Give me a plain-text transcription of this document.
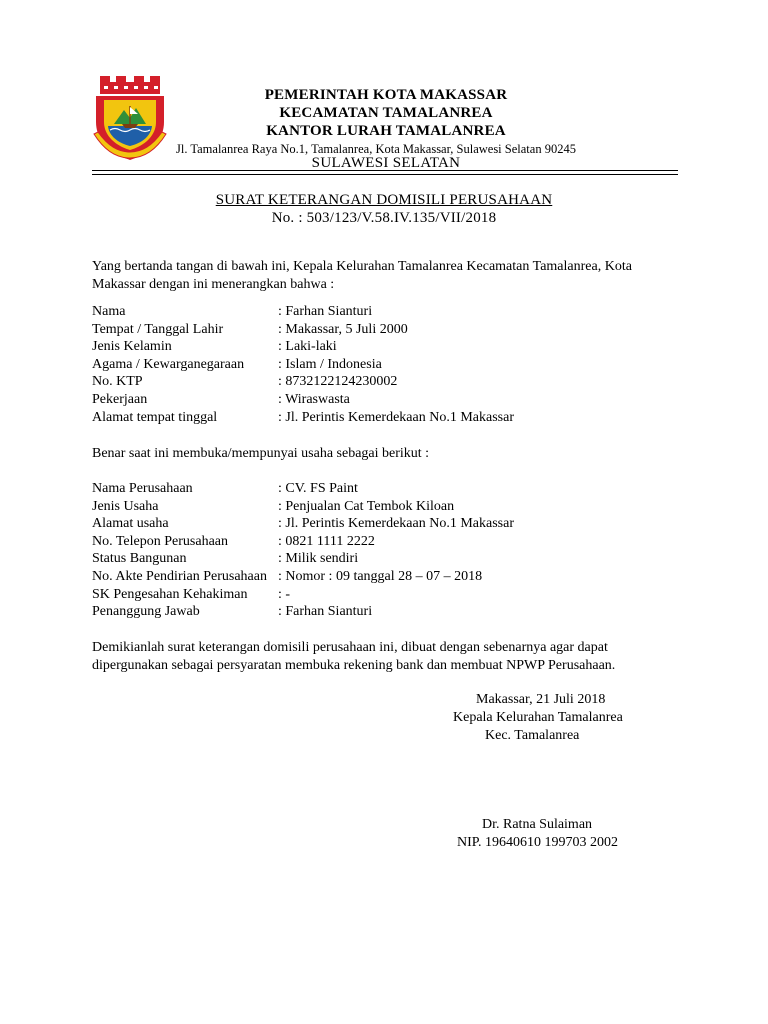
PEMERINTAH KOTA MAKASSAR
KECAMATAN TAMALANREA
KANTOR LURAH TAMALANREA
Jl. Tamalanrea Raya No.1, Tamalanrea, Kota Makassar, Sulawesi Selatan 90245
SULAWESI SELATAN
SURAT KETERANGAN DOMISILI PERUSAHAAN
No. : 503/123/V.58.IV.135/VII/2018
Yang bertanda tangan di bawah ini, Kepala Kelurahan Tamalanrea Kecamatan Tamalanrea, Kota Makassar dengan ini menerangkan bahwa :
Nama	: Farhan Sianturi
Tempat / Tanggal Lahir	: Makassar, 5 Juli 2000
Jenis Kelamin	: Laki-laki
Agama / Kewarganegaraan	: Islam / Indonesia
No. KTP	: 8732122124230002
Pekerjaan	: Wiraswasta
Alamat tempat tinggal	: Jl. Perintis Kemerdekaan No.1 Makassar
Benar saat ini membuka/mempunyai usaha sebagai berikut :
Nama Perusahaan	: CV. FS Paint
Jenis Usaha	: Penjualan Cat Tembok Kiloan
Alamat usaha	: Jl. Perintis Kemerdekaan No.1 Makassar
No. Telepon Perusahaan	: 0821 1111 2222
Status Bangunan	: Milik sendiri
No. Akte Pendirian Perusahaan	: Nomor : 09 tanggal 28 – 07 – 2018
SK Pengesahan Kehakiman	: -
Penanggung Jawab	: Farhan Sianturi
Demikianlah surat keterangan domisili perusahaan ini, dibuat dengan sebenarnya agar dapat dipergunakan sebagai persyaratan membuka rekening bank dan membuat NPWP Perusahaan.
Makassar, 21 Juli 2018
Kepala Kelurahan Tamalanrea
Kec. Tamalanrea
Dr. Ratna Sulaiman
NIP. 19640610 199703 2002
